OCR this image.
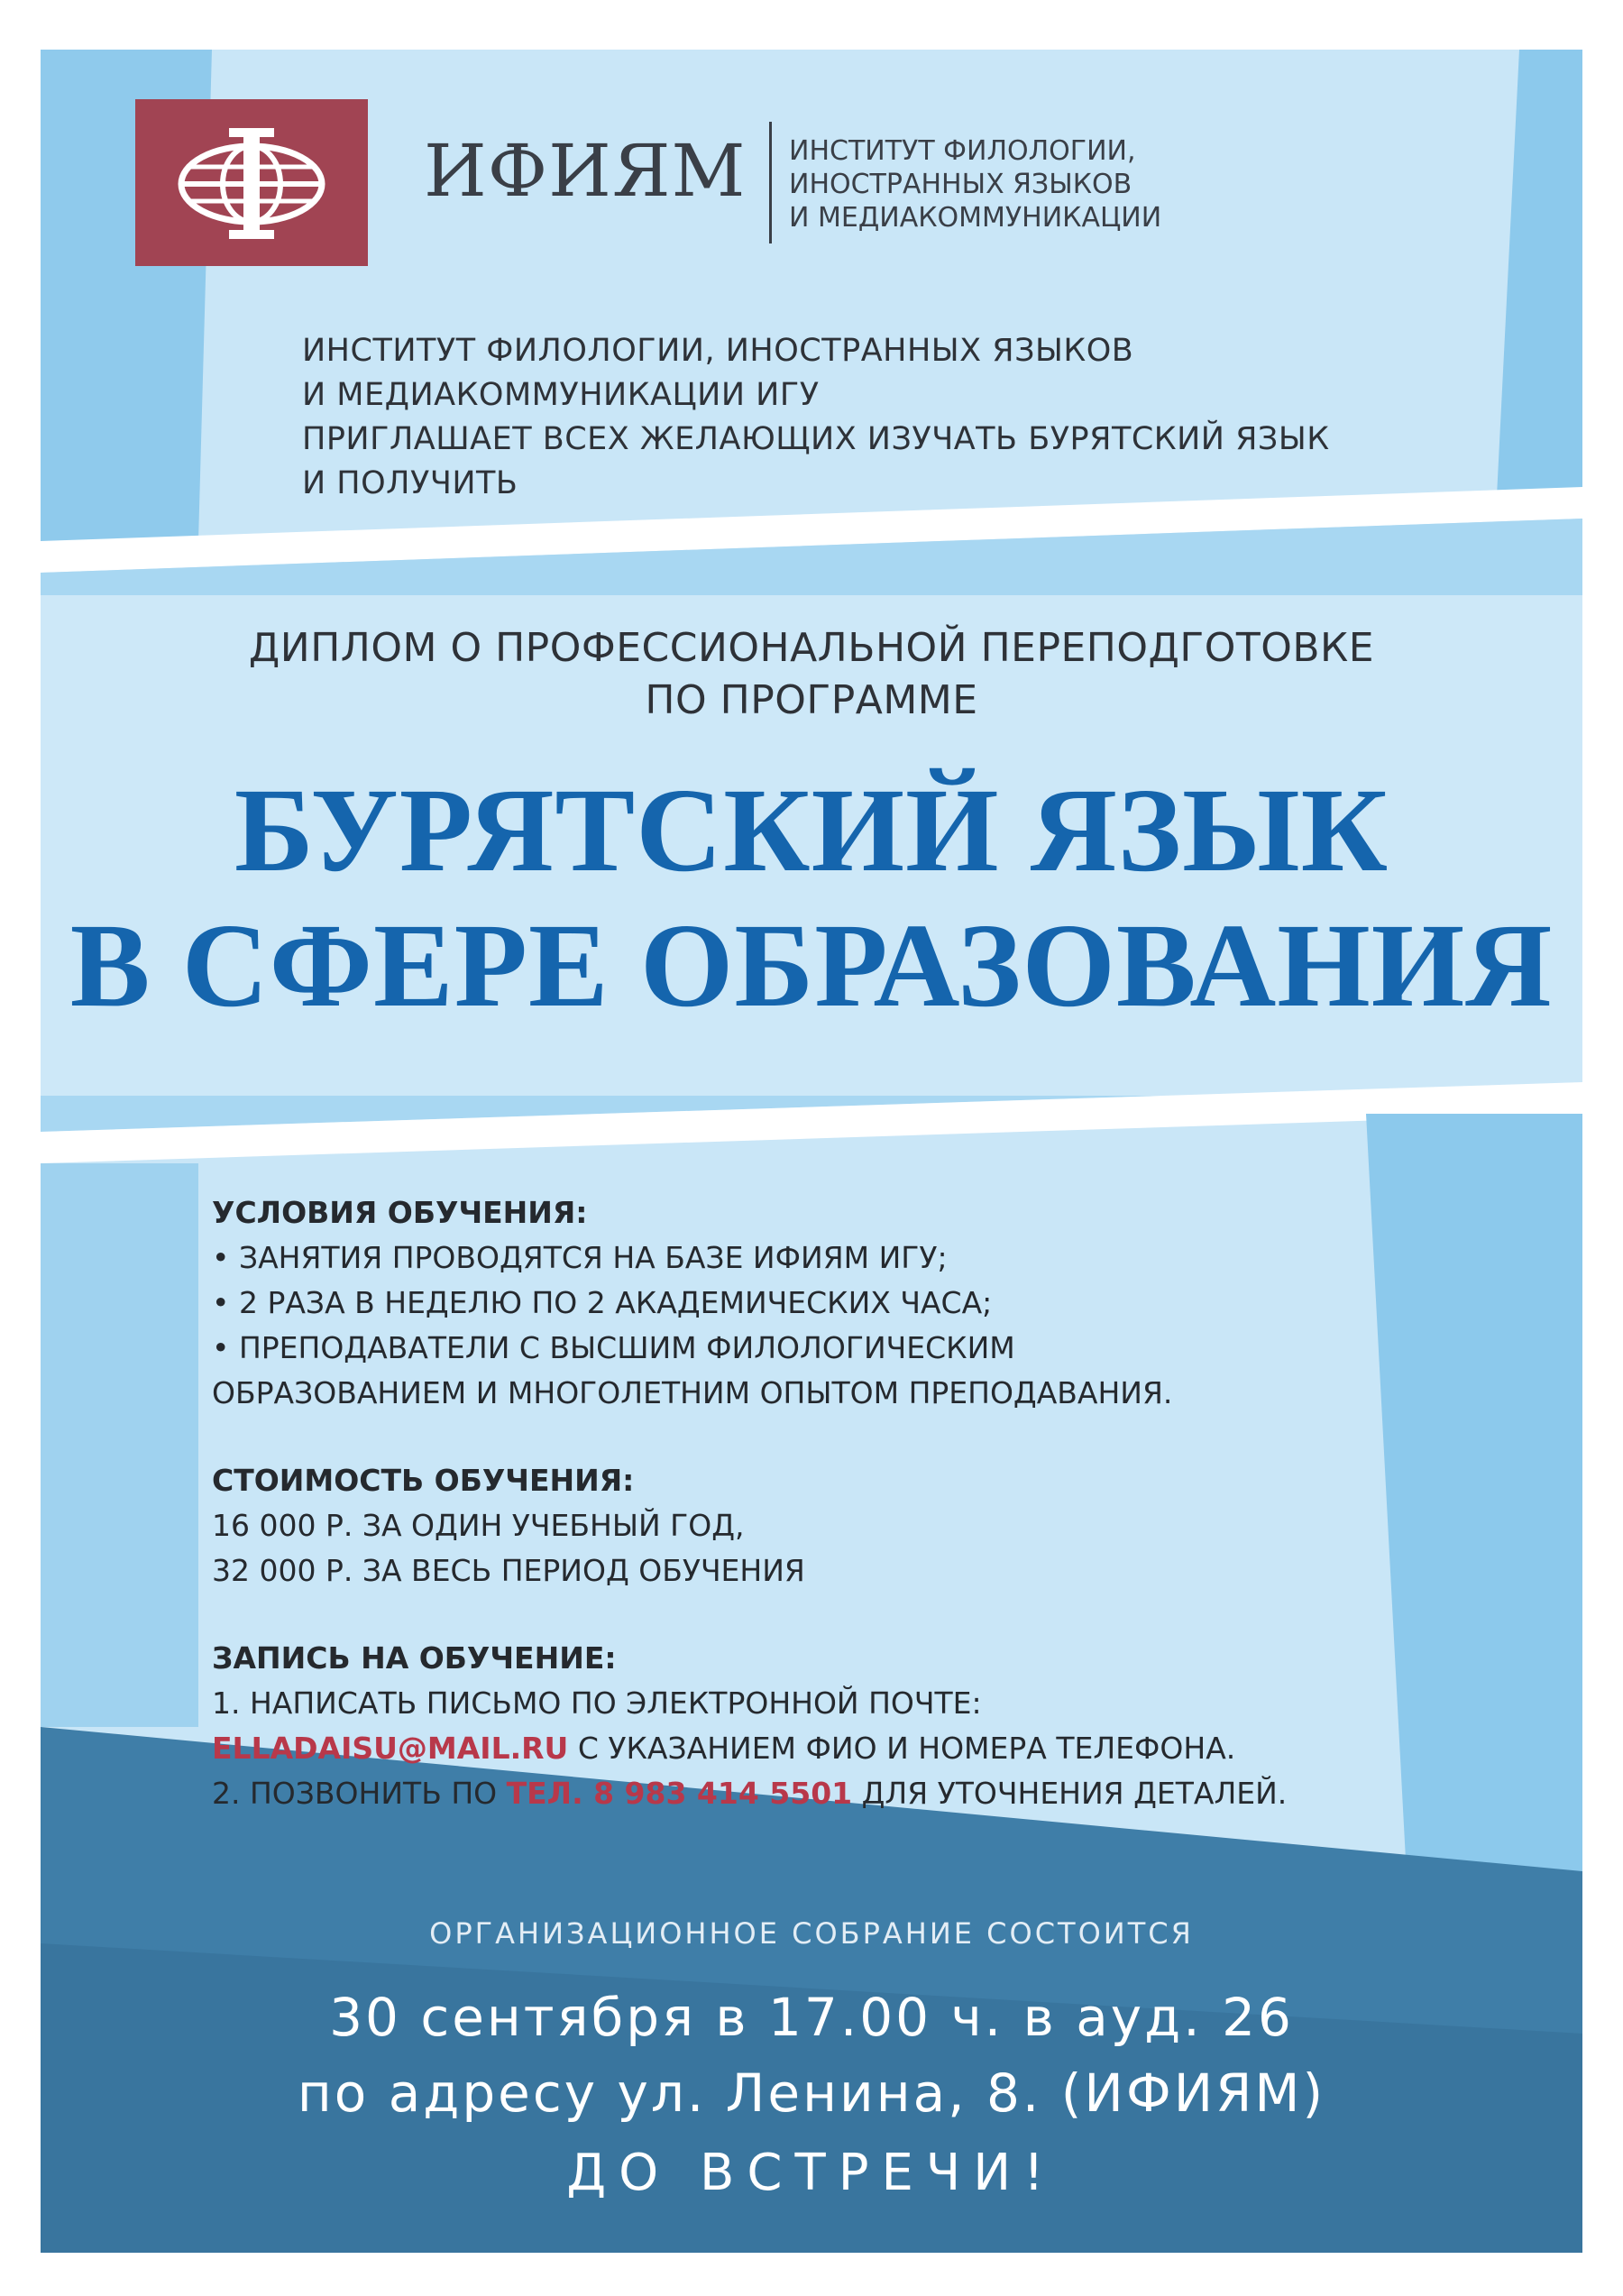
ИФИЯМ ИНСТИТУТ ФИЛОЛОГИИ,
ИНОСТРАННЫХ ЯЗЫКОВ
И МЕДИАКОММУНИКАЦИИ
ИНСТИТУТ ФИЛОЛОГИИ, ИНОСТРАННЫХ ЯЗЫКОВ
И МЕДИАКОММУНИКАЦИИ ИГУ
ПРИГЛАШАЕТ ВСЕХ ЖЕЛАЮЩИХ ИЗУЧАТЬ БУРЯТСКИЙ ЯЗЫК
И ПОЛУЧИТЬ
ДИПЛОМ О ПРОФЕССИОНАЛЬНОЙ ПЕРЕПОДГОТОВКЕ
ПО ПРОГРАММЕ
БУРЯТСКИЙ ЯЗЫК
В СФЕРЕ ОБРАЗОВАНИЯ
УСЛОВИЯ ОБУЧЕНИЯ:
• ЗАНЯТИЯ ПРОВОДЯТСЯ НА БАЗЕ ИФИЯМ ИГУ;
• 2 РАЗА В НЕДЕЛЮ ПО 2 АКАДЕМИЧЕСКИХ ЧАСА;
• ПРЕПОДАВАТЕЛИ С ВЫСШИМ ФИЛОЛОГИЧЕСКИМ
ОБРАЗОВАНИЕМ И МНОГОЛЕТНИМ ОПЫТОМ ПРЕПОДАВАНИЯ.
СТОИМОСТЬ ОБУЧЕНИЯ:
16 000 Р. ЗА ОДИН УЧЕБНЫЙ ГОД,
32 000 Р. ЗА ВЕСЬ ПЕРИОД ОБУЧЕНИЯ
ЗАПИСЬ НА ОБУЧЕНИЕ:
1. НАПИСАТЬ ПИСЬМО ПО ЭЛЕКТРОННОЙ ПОЧТЕ:
ELLADAISU@MAIL.RU С УКАЗАНИЕМ ФИО И НОМЕРА ТЕЛЕФОНА.
2. ПОЗВОНИТЬ ПО ТЕЛ. 8 983 414 5501 ДЛЯ УТОЧНЕНИЯ ДЕТАЛЕЙ.
ОРГАНИЗАЦИОННОЕ СОБРАНИЕ СОСТОИТСЯ
30 сентября в 17.00 ч. в ауд. 26
по адресу ул. Ленина, 8. (ИФИЯМ)
ДО ВСТРЕЧИ!
